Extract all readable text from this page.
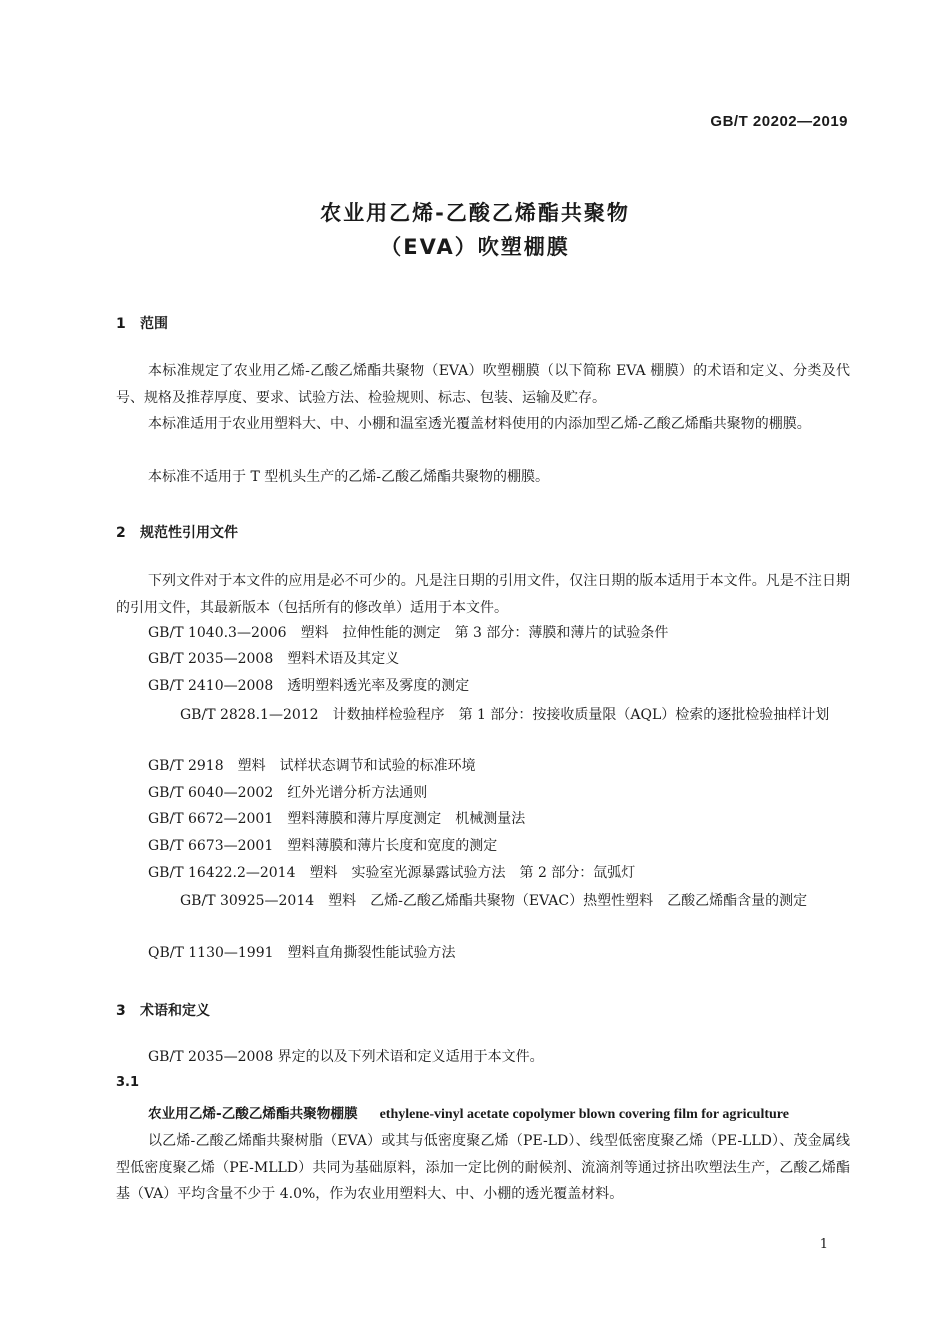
GB/T 20202—2019
农业用乙烯-乙酸乙烯酯共聚物
（EVA）吹塑棚膜
1 范围
本标准规定了农业用乙烯-乙酸乙烯酯共聚物（EVA）吹塑棚膜（以下简称 EVA 棚膜）的术语和定义、分类及代号、规格及推荐厚度、要求、试验方法、检验规则、标志、包装、运输及贮存。
本标准适用于农业用塑料大、中、小棚和温室透光覆盖材料使用的内添加型乙烯-乙酸乙烯酯共聚物的棚膜。
本标准不适用于 T 型机头生产的乙烯-乙酸乙烯酯共聚物的棚膜。
2 规范性引用文件
下列文件对于本文件的应用是必不可少的。凡是注日期的引用文件，仅注日期的版本适用于本文件。凡是不注日期的引用文件，其最新版本（包括所有的修改单）适用于本文件。
GB/T 1040.3—2006 塑料　拉伸性能的测定　第 3 部分：薄膜和薄片的试验条件
GB/T 2035—2008 塑料术语及其定义
GB/T 2410—2008 透明塑料透光率及雾度的测定
GB/T 2828.1—2012 计数抽样检验程序　第 1 部分：按接收质量限（AQL）检索的逐批检验抽样计划
GB/T 2918 塑料　试样状态调节和试验的标准环境
GB/T 6040—2002 红外光谱分析方法通则
GB/T 6672—2001 塑料薄膜和薄片厚度测定　机械测量法
GB/T 6673—2001 塑料薄膜和薄片长度和宽度的测定
GB/T 16422.2—2014 塑料　实验室光源暴露试验方法　第 2 部分：氙弧灯
GB/T 30925—2014 塑料　乙烯-乙酸乙烯酯共聚物（EVAC）热塑性塑料　乙酸乙烯酯含量的测定
QB/T 1130—1991 塑料直角撕裂性能试验方法
3 术语和定义
GB/T 2035—2008 界定的以及下列术语和定义适用于本文件。
3.1
农业用乙烯-乙酸乙烯酯共聚物棚膜 ethylene-vinyl acetate copolymer blown covering film for agriculture
以乙烯-乙酸乙烯酯共聚树脂（EVA）或其与低密度聚乙烯（PE-LD）、线型低密度聚乙烯（PE-LLD）、茂金属线型低密度聚乙烯（PE-MLLD）共同为基础原料，添加一定比例的耐候剂、流滴剂等通过挤出吹塑法生产，乙酸乙烯酯基（VA）平均含量不少于 4.0%，作为农业用塑料大、中、小棚的透光覆盖材料。
1
